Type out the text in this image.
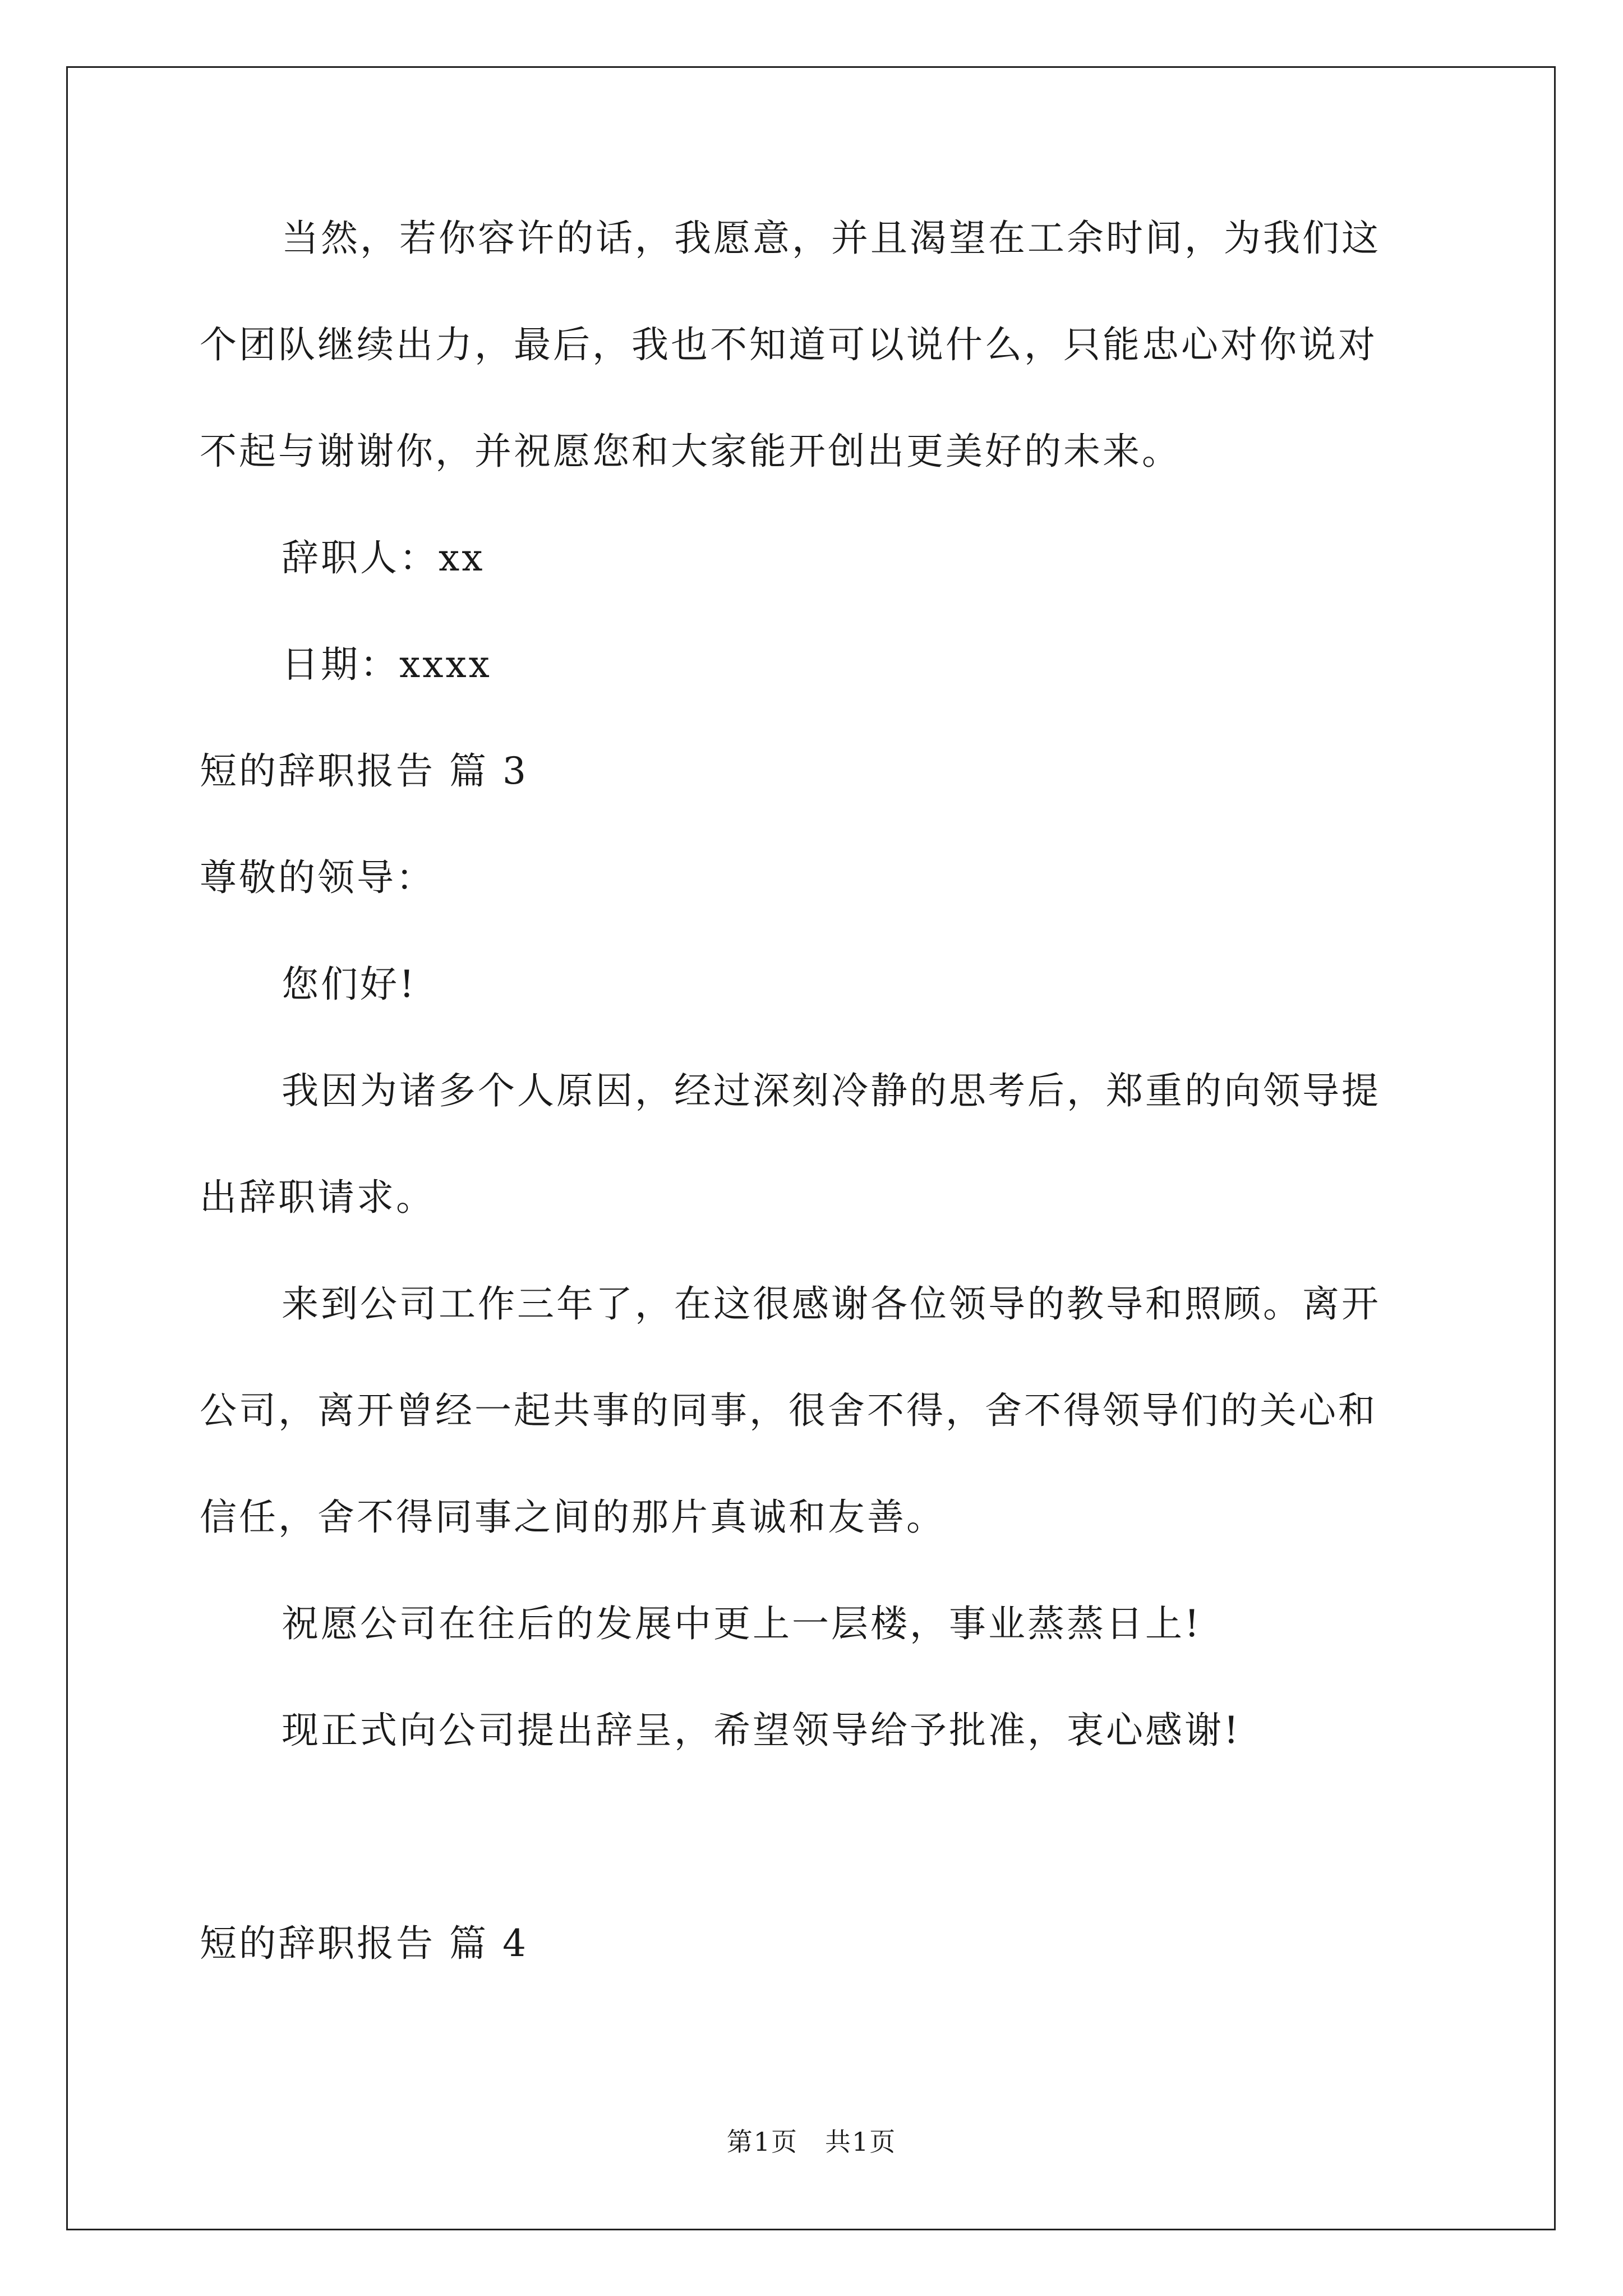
当然，若你容许的话，我愿意，并且渴望在工余时间，为我们这
个团队继续出力，最后，我也不知道可以说什么，只能忠心对你说对
不起与谢谢你，并祝愿您和大家能开创出更美好的未来。
辞职人：xx
日期：xxxx
短的辞职报告 篇 3
尊敬的领导：
您们好!
我因为诸多个人原因，经过深刻冷静的思考后，郑重的向领导提
出辞职请求。
来到公司工作三年了，在这很感谢各位领导的教导和照顾。离开
公司，离开曾经一起共事的同事，很舍不得，舍不得领导们的关心和
信任，舍不得同事之间的那片真诚和友善。
祝愿公司在往后的发展中更上一层楼，事业蒸蒸日上!
现正式向公司提出辞呈，希望领导给予批准，衷心感谢!
短的辞职报告 篇 4
第1页　共1页
